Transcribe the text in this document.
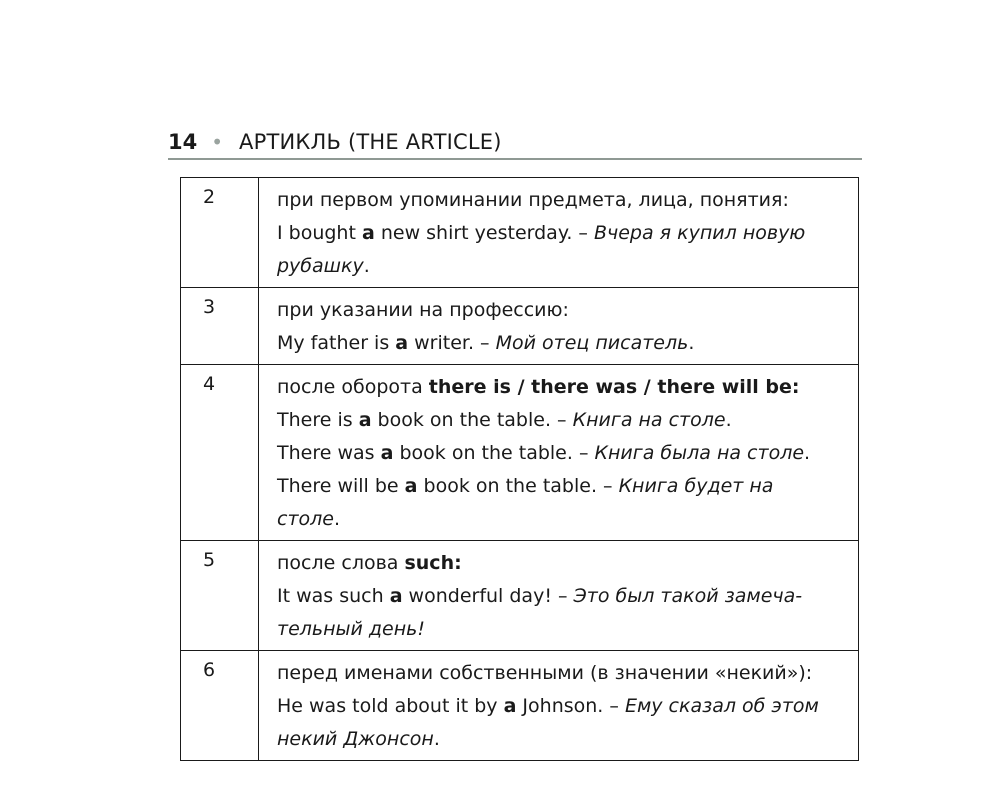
14 • АРТИКЛЬ (THE ARTICLE)
2	при первом упоминании предмета, лица, понятия:
I bought a new shirt yesterday. – Вчера я купил новую
рубашку.

3	при указании на профессию:
My father is a writer. – Мой отец писатель.

4	после оборота there is / there was / there will be:
There is a book on the table. – Книга на столе.
There was a book on the table. – Книга была на столе.
There will be a book on the table. – Книга будет на
столе.

5	после слова such:
It was such a wonderful day! – Это был такой замеча-
тельный день!

6	перед именами собственными (в значении «некий»):
He was told about it by a Johnson. – Ему сказал об этом
некий Джонсон.
